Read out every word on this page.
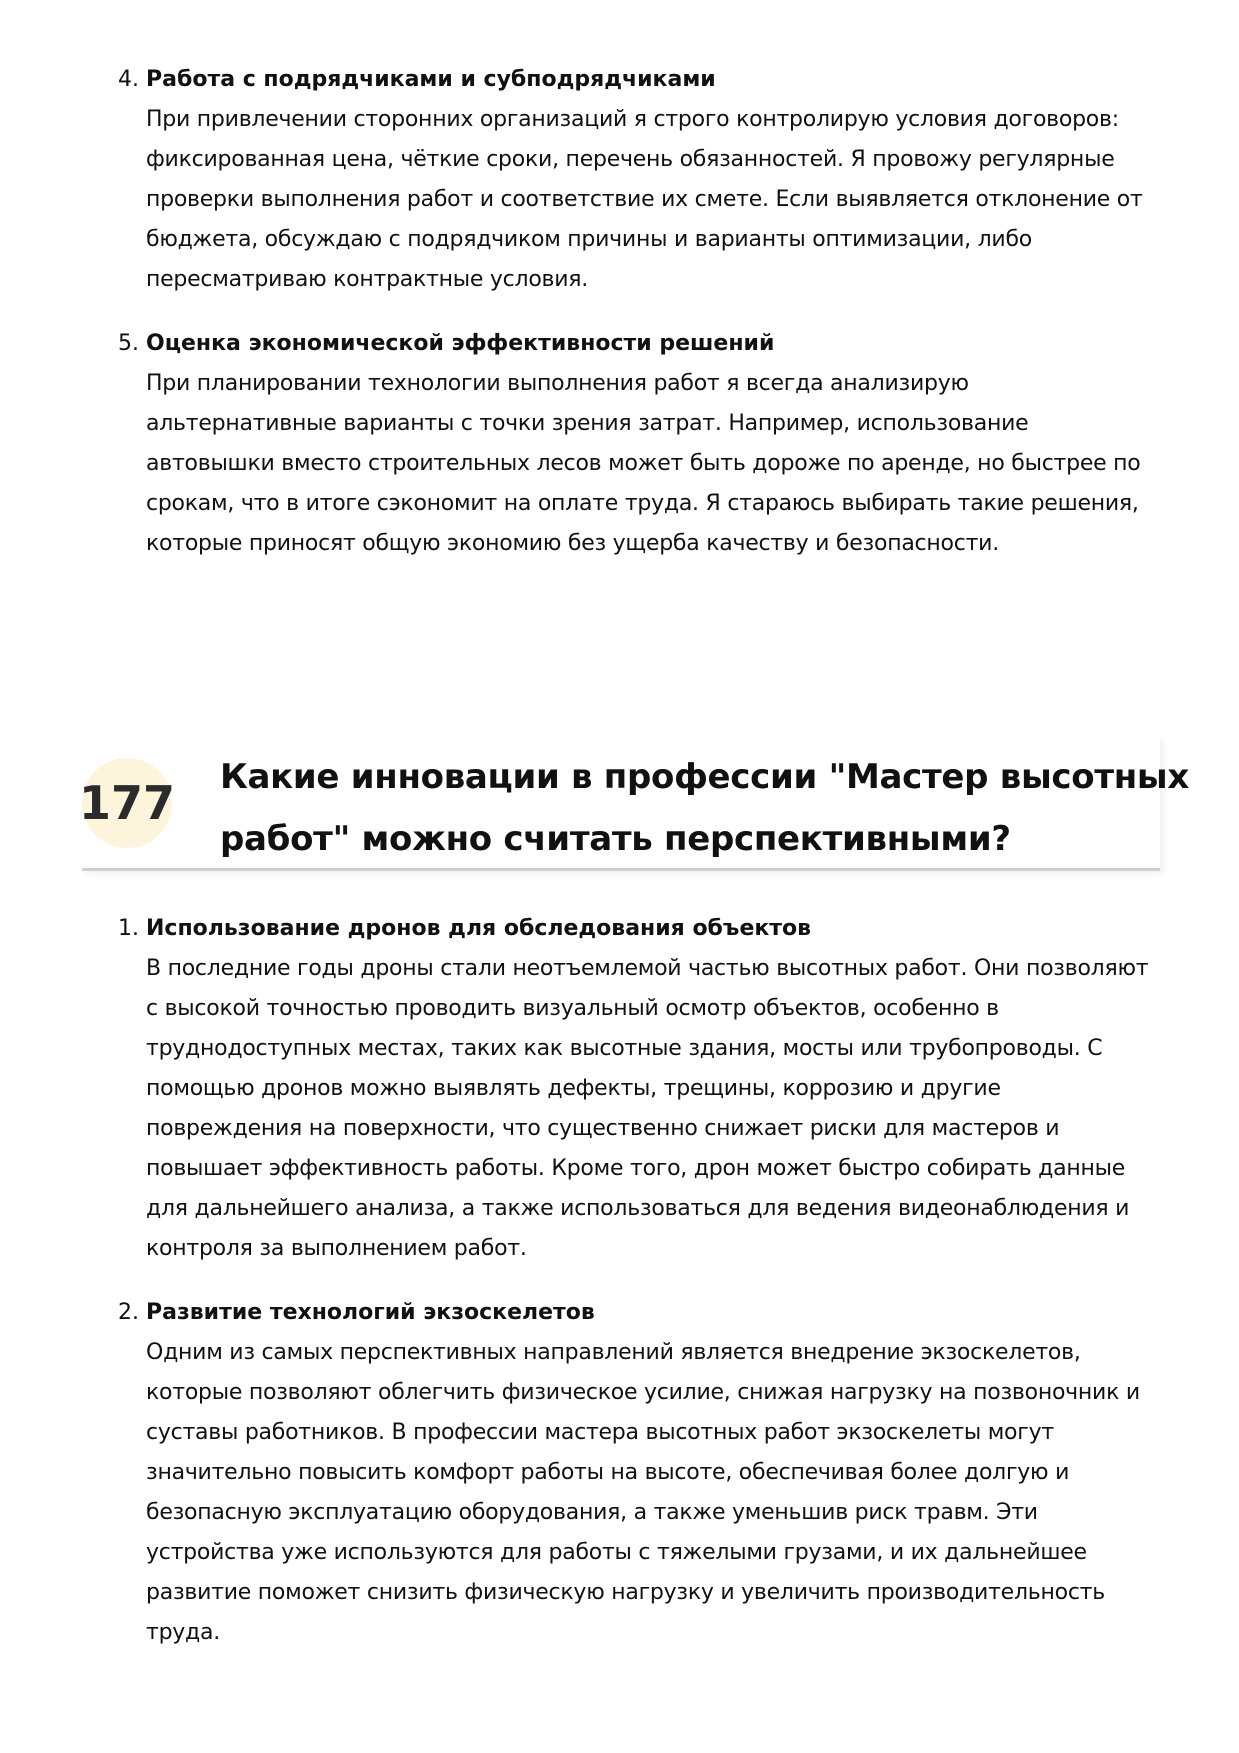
4. Работа с подрядчиками и субподрядчиками

При привлечении сторонних организаций я строго контролирую условия договоров:
фиксированная цена, чёткие сроки, перечень обязанностей. Я провожу регулярные
проверки выполнения работ и соответствие их смете. Если выявляется отклонение от
бюджета, обсуждаю с подрядчиком причины и варианты оптимизации, либо
пересматриваю контрактные условия.

5. Оценка экономической эффективности решений

При планировании технологии выполнения работ я всегда анализирую
альтернативные варианты с точки зрения затрат. Например, использование
автовышки вместо строительных лесов может быть дороже по аренде, но быстрее по
срокам, что в итоге сэкономит на оплате труда. Я стараюсь выбирать такие решения,
которые приносят общую экономию без ущерба качеству и безопасности.

177 Какие инновации в профессии "Мастер высотных
работ" можно считать перспективными?
1. Использование дронов для обследования объектов

В последние годы дроны стали неотъемлемой частью высотных работ. Они позволяют
с высокой точностью проводить визуальный осмотр объектов, особенно в
труднодоступных местах, таких как высотные здания, мосты или трубопроводы. С
помощью дронов можно выявлять дефекты, трещины, коррозию и другие
повреждения на поверхности, что существенно снижает риски для мастеров и
повышает эффективность работы. Кроме того, дрон может быстро собирать данные
для дальнейшего анализа, а также использоваться для ведения видеонаблюдения и
контроля за выполнением работ.

2. Развитие технологий экзоскелетов

Одним из самых перспективных направлений является внедрение экзоскелетов,
которые позволяют облегчить физическое усилие, снижая нагрузку на позвоночник и
суставы работников. В профессии мастера высотных работ экзоскелеты могут
значительно повысить комфорт работы на высоте, обеспечивая более долгую и
безопасную эксплуатацию оборудования, а также уменьшив риск травм. Эти
устройства уже используются для работы с тяжелыми грузами, и их дальнейшее
развитие поможет снизить физическую нагрузку и увеличить производительность
труда.
